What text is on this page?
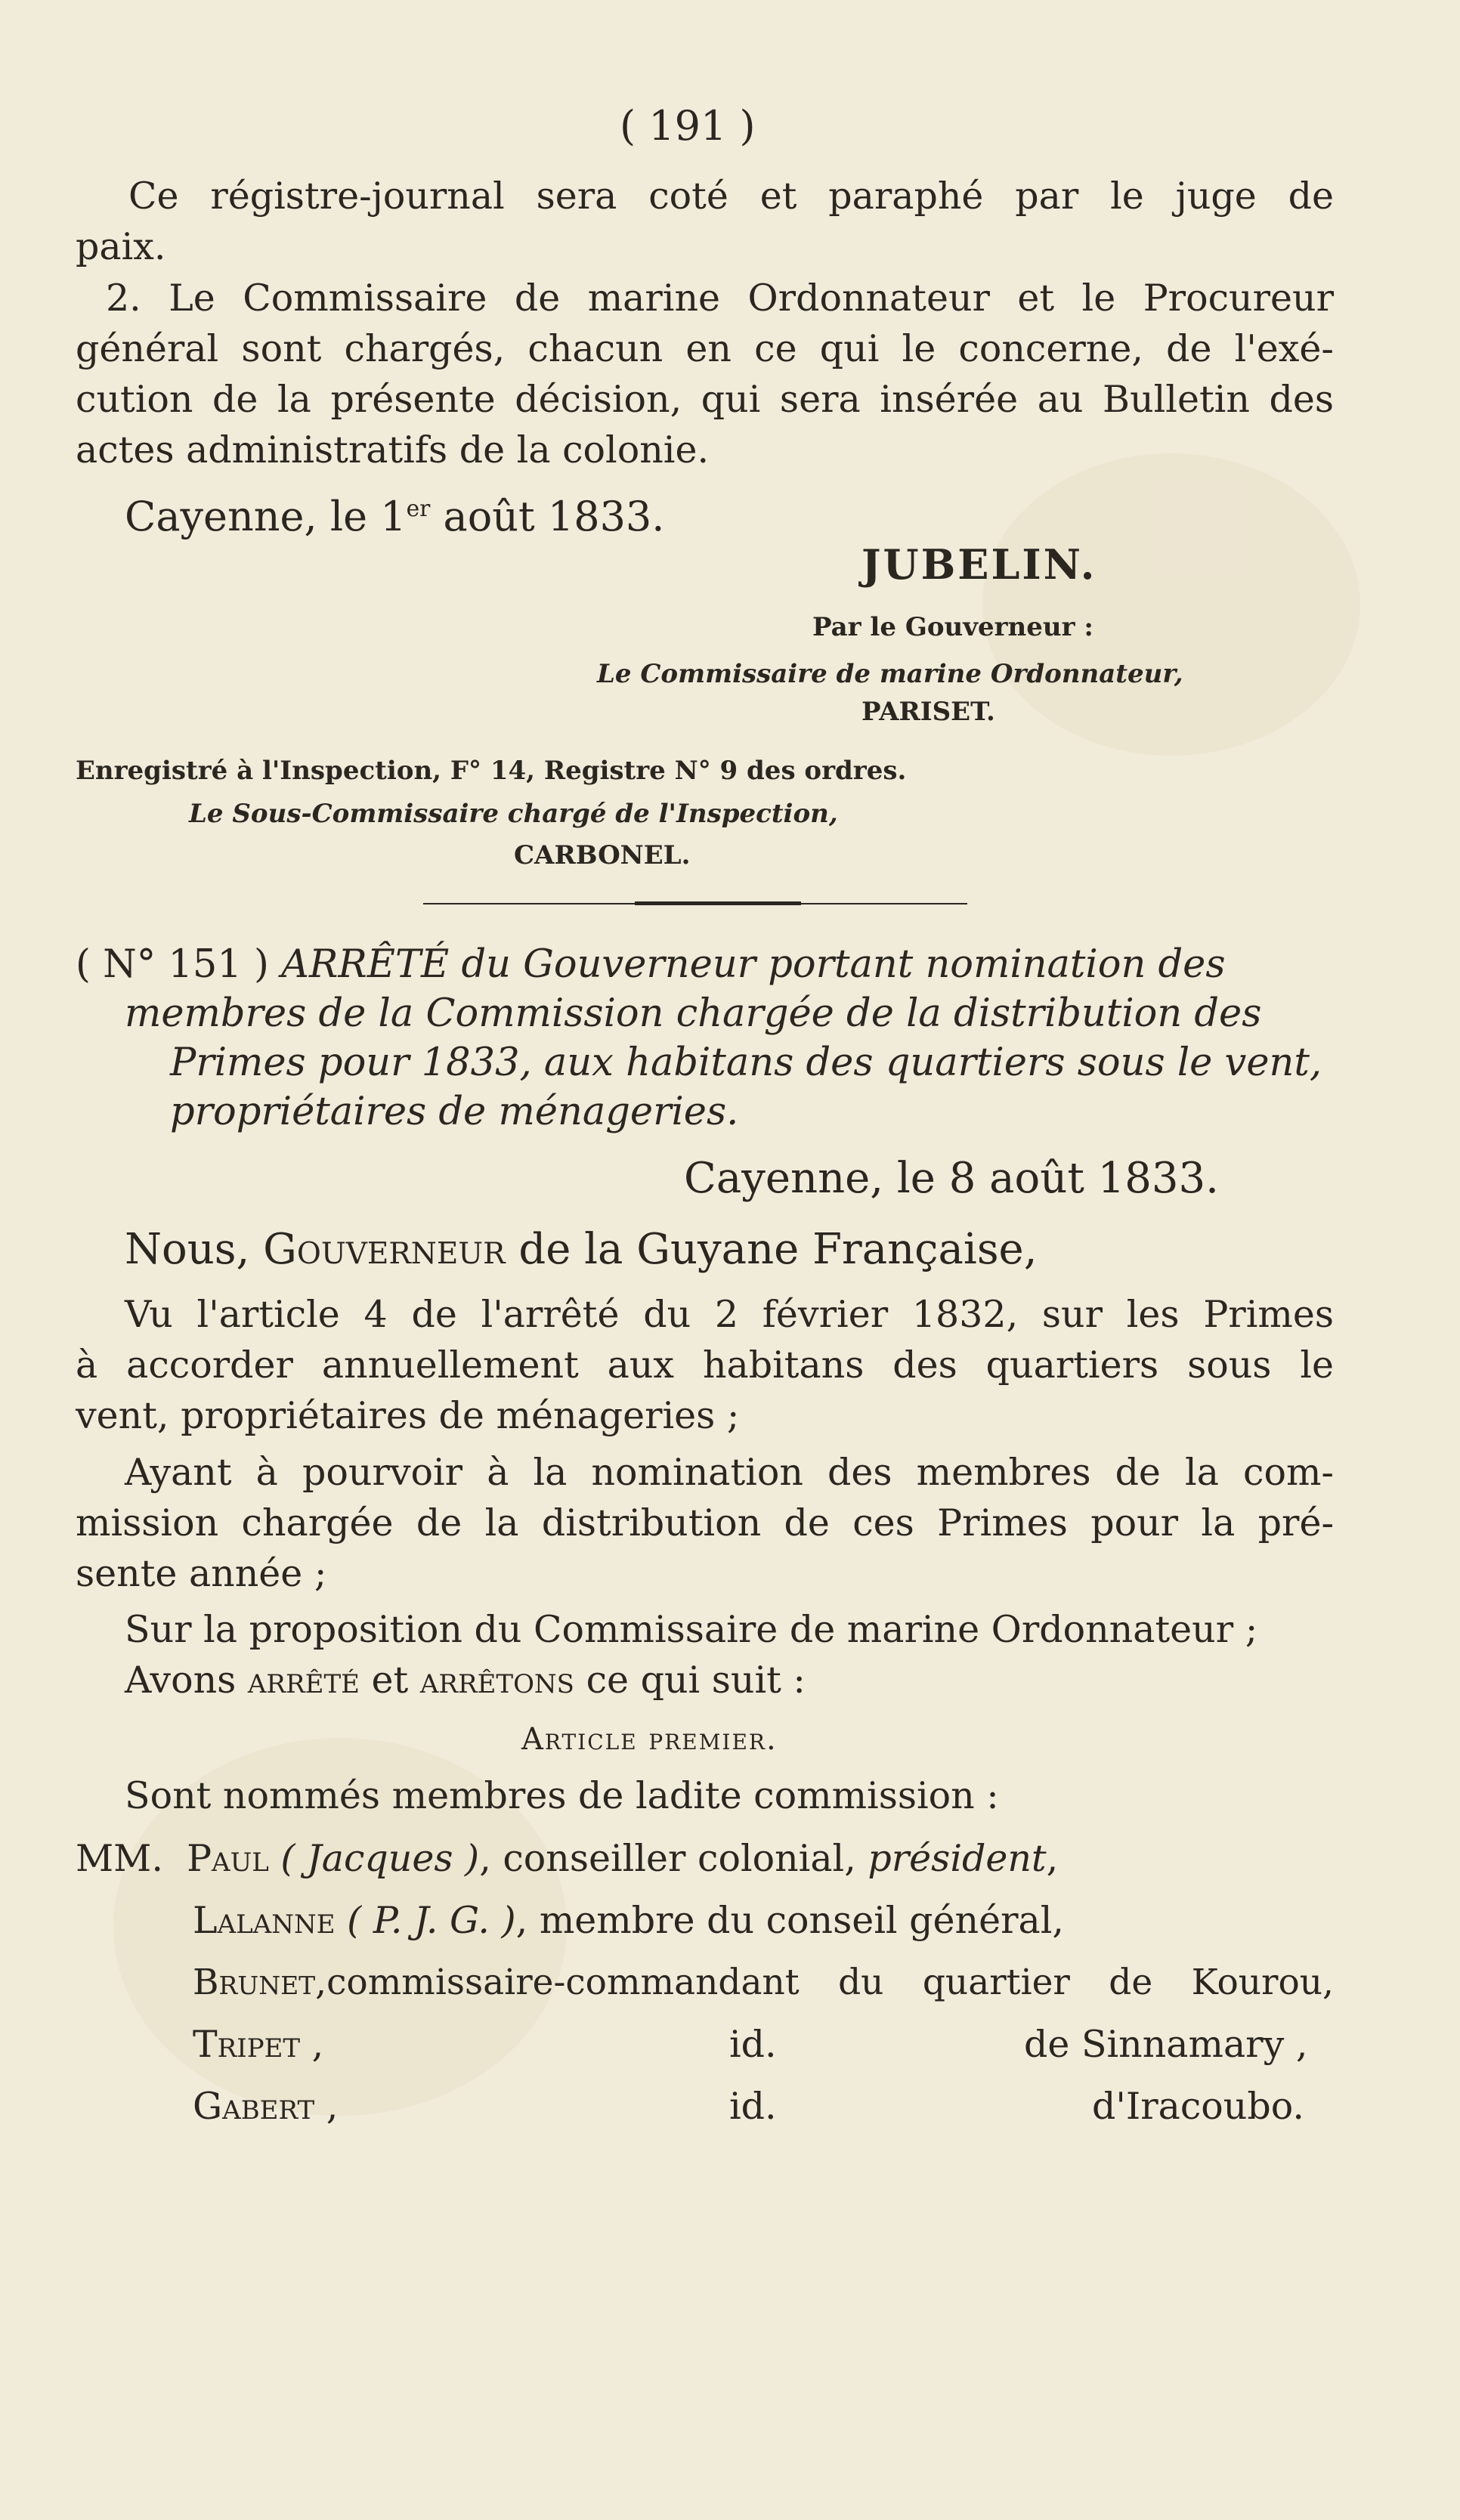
( 191 )
Ce régistre-journal sera coté et paraphé par le juge de
paix.
2. Le Commissaire de marine Ordonnateur et le Procureur
général sont chargés, chacun en ce qui le concerne, de l'exé-
cution de la présente décision, qui sera insérée au Bulletin des
actes administratifs de la colonie.
Cayenne, le 1er août 1833.
JUBELIN.
Par le Gouverneur :
Le Commissaire de marine Ordonnateur,
PARISET.
Enregistré à l'Inspection, F° 14, Registre N° 9 des ordres.
Le Sous-Commissaire chargé de l'Inspection,
CARBONEL.
( N° 151 ) ARRÊTÉ du Gouverneur portant nomination des
membres de la Commission chargée de la distribution des
Primes pour 1833, aux habitans des quartiers sous le vent,
propriétaires de ménageries.
Cayenne, le 8 août 1833.
Nous, Gouverneur de la Guyane Française,
Vu l'article 4 de l'arrêté du 2 février 1832, sur les Primes
à accorder annuellement aux habitans des quartiers sous le
vent, propriétaires de ménageries ;
Ayant à pourvoir à la nomination des membres de la com-
mission chargée de la distribution de ces Primes pour la pré-
sente année ;
Sur la proposition du Commissaire de marine Ordonnateur ;
Avons arrêté et arrêtons ce qui suit :
Article premier.
Sont nommés membres de ladite commission :
MM. Paul ( Jacques ), conseiller colonial, président,
Lalanne ( P. J. G. ), membre du conseil général,
Brunet,commissaire-commandant du quartier de Kourou,
Tripet ,	id.	de Sinnamary ,
Gabert ,	id.	d'Iracoubo.
